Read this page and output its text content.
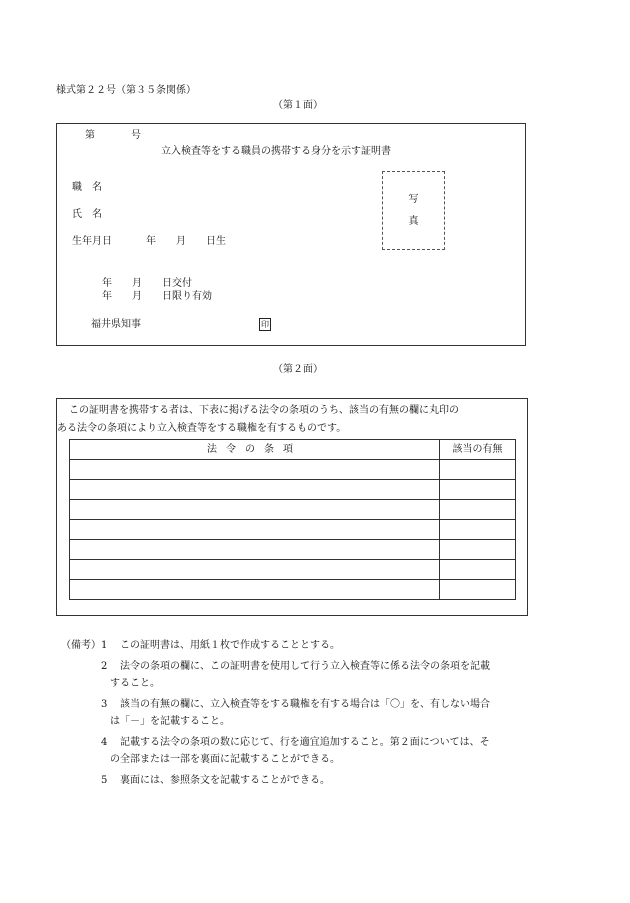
様式第２２号（第３５条関係）
（第１面）
第	号
立入検査等をする職員の携帯する身分を示す証明書
職　名
氏　名
生年月日	年　　月　　日生
写
真
年　　月　　日交付
年　　月　　日限り有効
福井県知事	印
（第２面）
この証明書を携帯する者は、下表に掲げる法令の条項のうち、該当の有無の欄に丸印の
ある法令の条項により立入検査等をする職権を有するものです。
法令の条項	該当の有無

（備考） 1 この証明書は、用紙１枚で作成することとする。
2 法令の条項の欄に、この証明書を使用して行う立入検査等に係る法令の条項を記載
すること。
3 該当の有無の欄に、立入検査等をする職権を有する場合は「〇」を、有しない場合
は「－」を記載すること。
4 記載する法令の条項の数に応じて、行を適宜追加すること。第２面については、そ
の全部または一部を裏面に記載することができる。
5 裏面には、参照条文を記載することができる。
